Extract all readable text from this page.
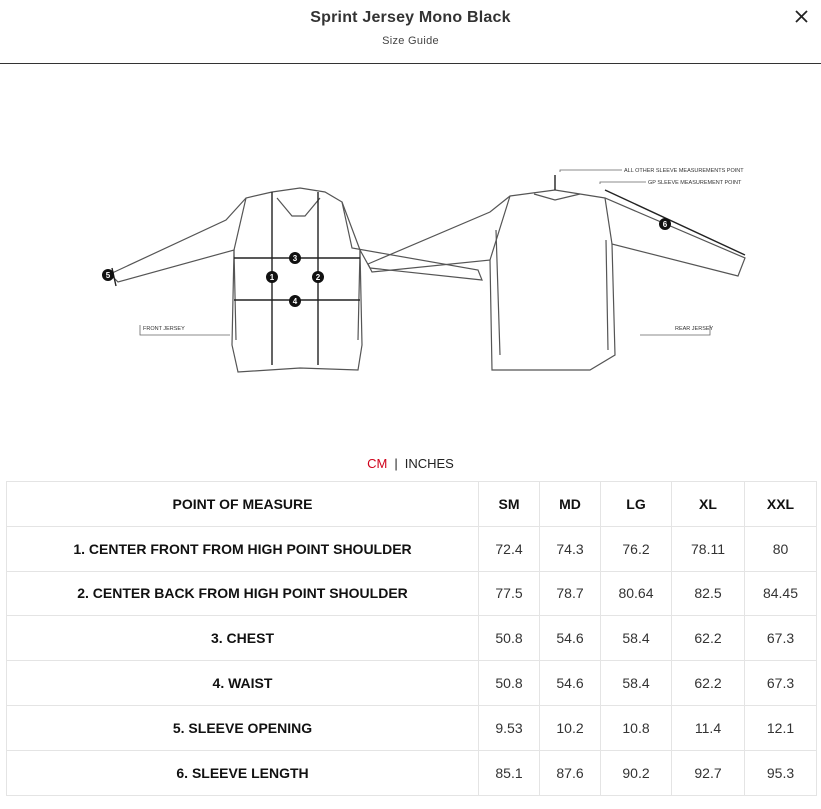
Sprint Jersey Mono Black
Size Guide
FRONT JERSEY	REAR JERSEY
ALL OTHER SLEEVE MEASUREMENTS POINT
GP SLEEVE MEASUREMENT POINT
1	2
3
4
5
6
CM | INCHES
POINT OF MEASURE	SM	MD	LG	XL	XXL
1. CENTER FRONT FROM HIGH POINT SHOULDER	72.4	74.3	76.2	78.11	80
2. CENTER BACK FROM HIGH POINT SHOULDER	77.5	78.7	80.64	82.5	84.45
3. CHEST	50.8	54.6	58.4	62.2	67.3
4. WAIST	50.8	54.6	58.4	62.2	67.3
5. SLEEVE OPENING	9.53	10.2	10.8	11.4	12.1
6. SLEEVE LENGTH	85.1	87.6	90.2	92.7	95.3
